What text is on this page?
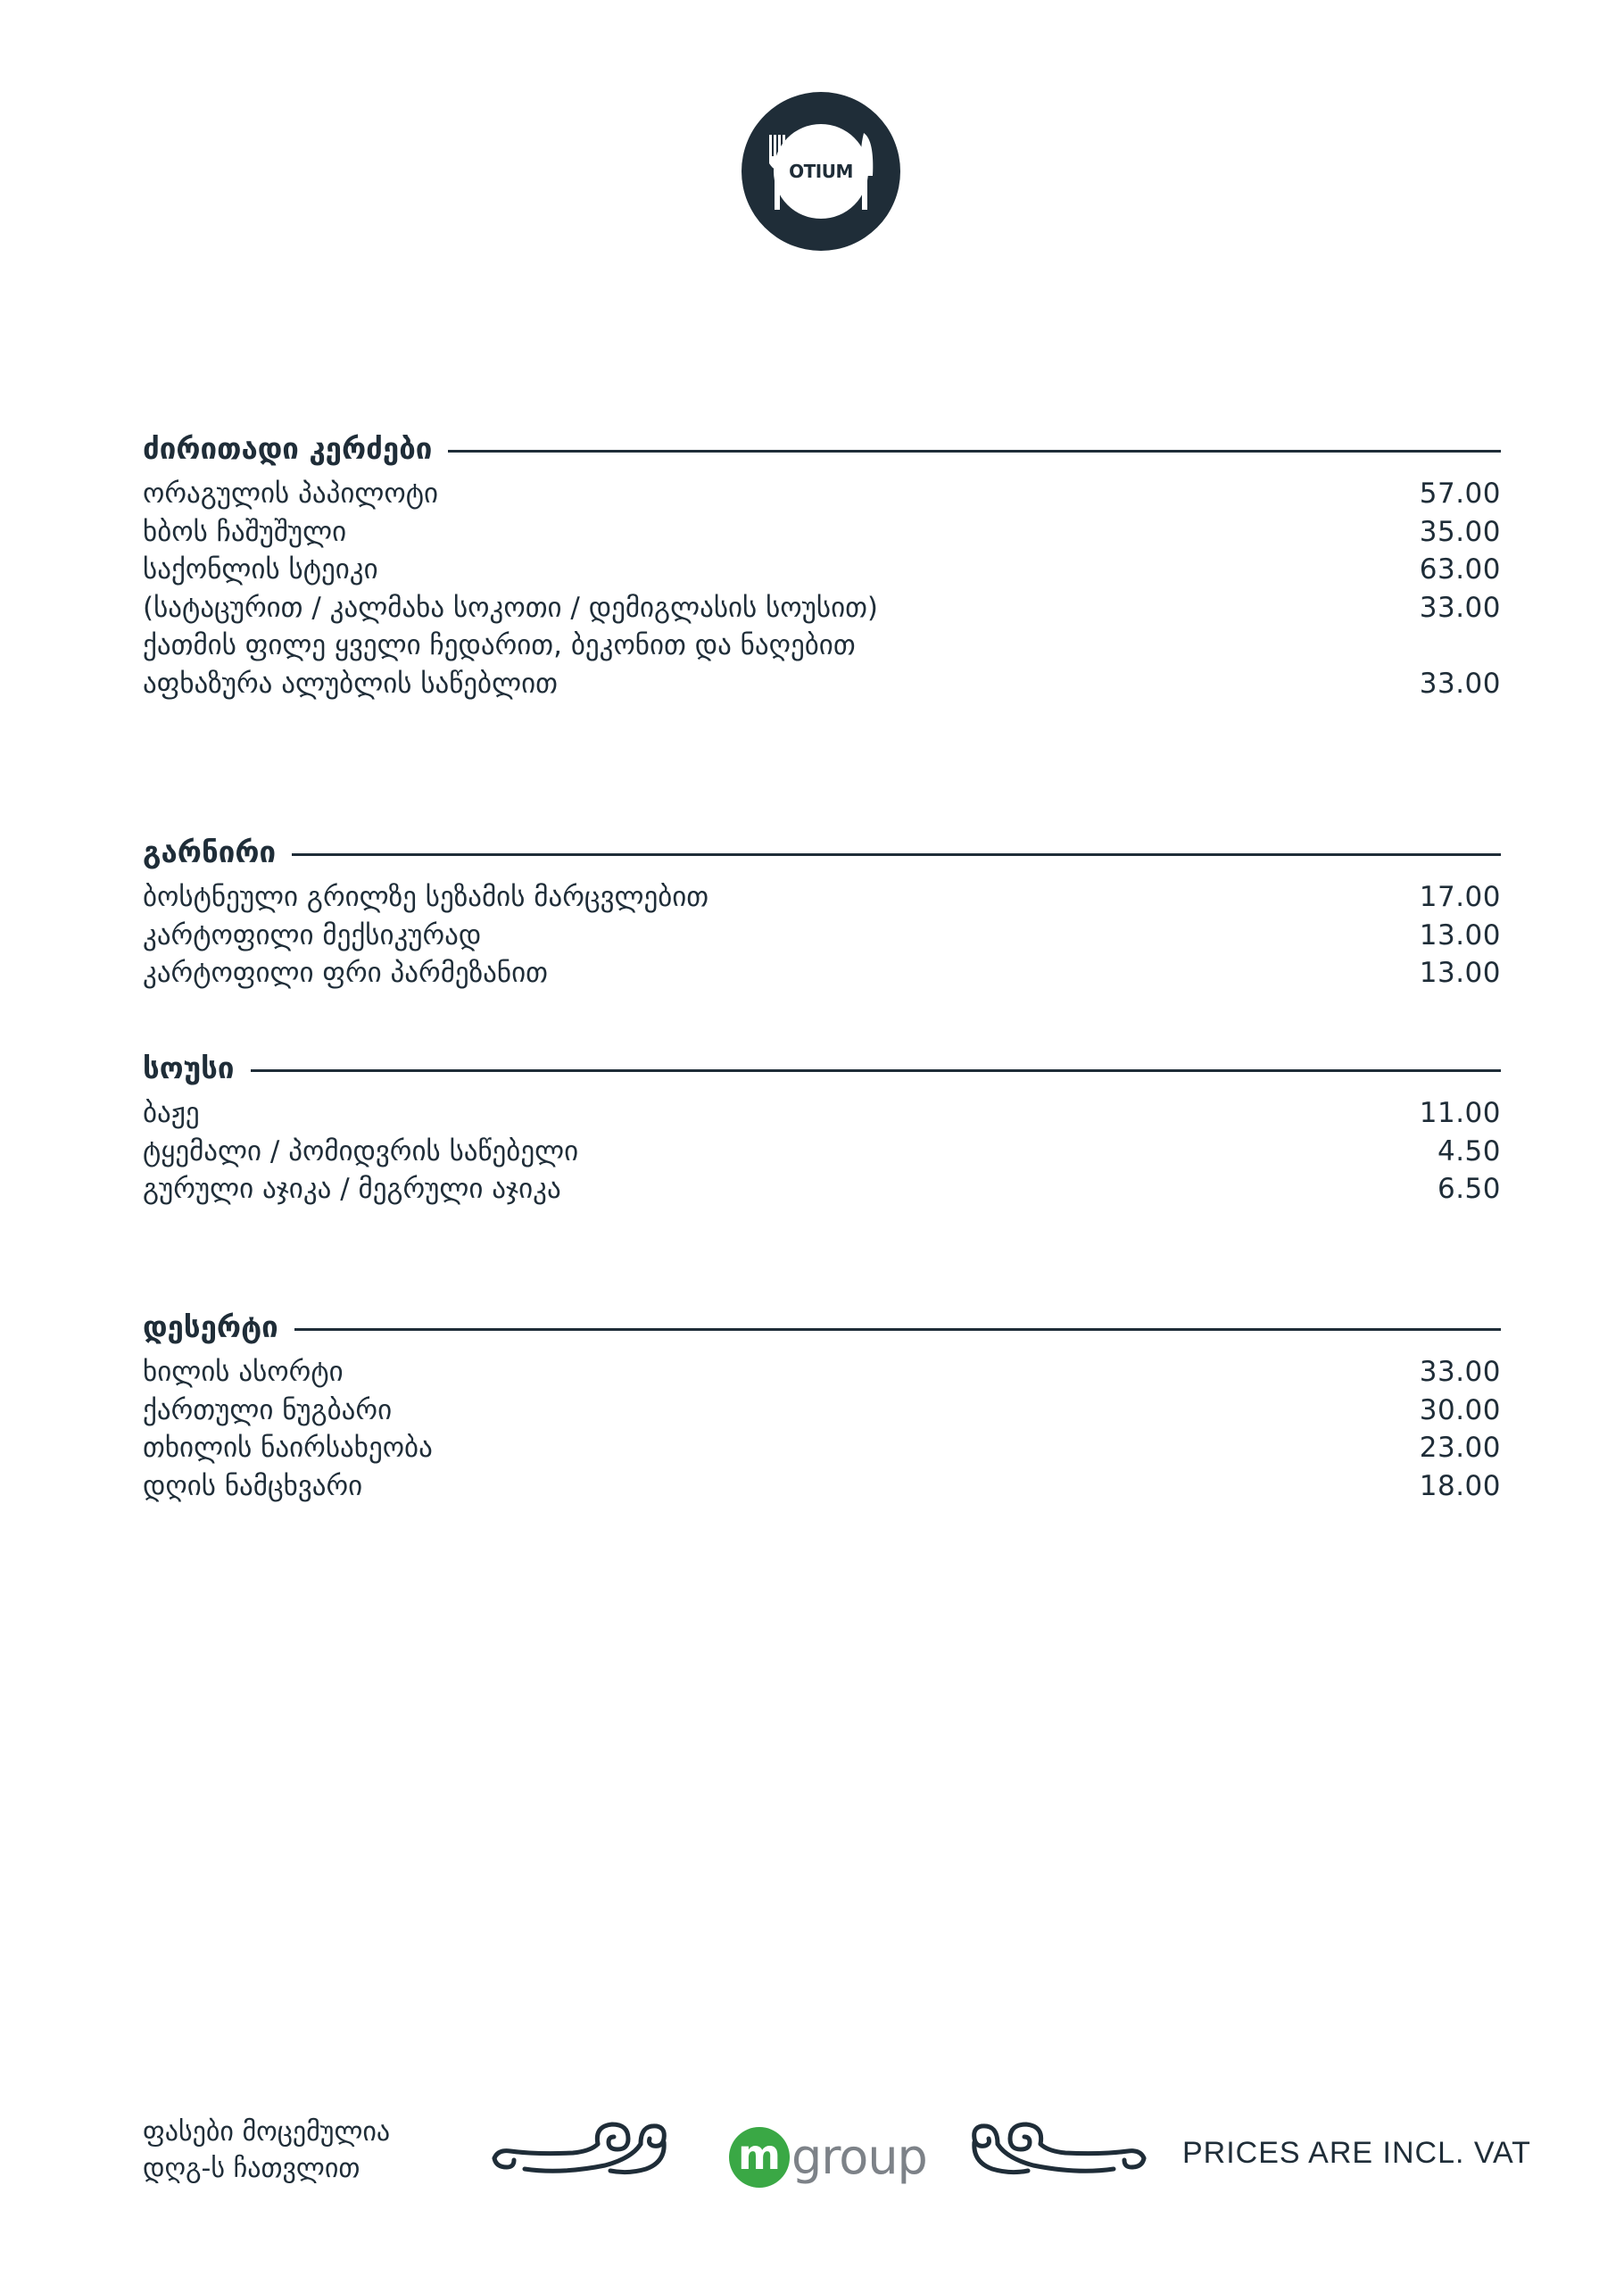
OTIUM
ძირითადი კერძები
ორაგულის პაპილოტი	57.00
ხბოს ჩაშუშული	35.00
საქონლის სტეიკი	63.00
(სატაცურით / კალმახა სოკოთი / დემიგლასის სოუსით)	33.00
ქათმის ფილე ყველი ჩედარით, ბეკონით და ნაღებით
აფხაზურა ალუბლის საწებლით	33.00
გარნირი
ბოსტნეული გრილზე სეზამის მარცვლებით	17.00
კარტოფილი მექსიკურად	13.00
კარტოფილი ფრი პარმეზანით	13.00
სოუსი
ბაჟე	11.00
ტყემალი / პომიდვრის საწებელი	4.50
გურული აჯიკა / მეგრული აჯიკა	6.50
დესერტი
ხილის ასორტი	33.00
ქართული ნუგბარი	30.00
თხილის ნაირსახეობა	23.00
დღის ნამცხვარი	18.00
ფასები მოცემულია
დღგ-ს ჩათვლით	m group	PRICES ARE INCL. VAT
